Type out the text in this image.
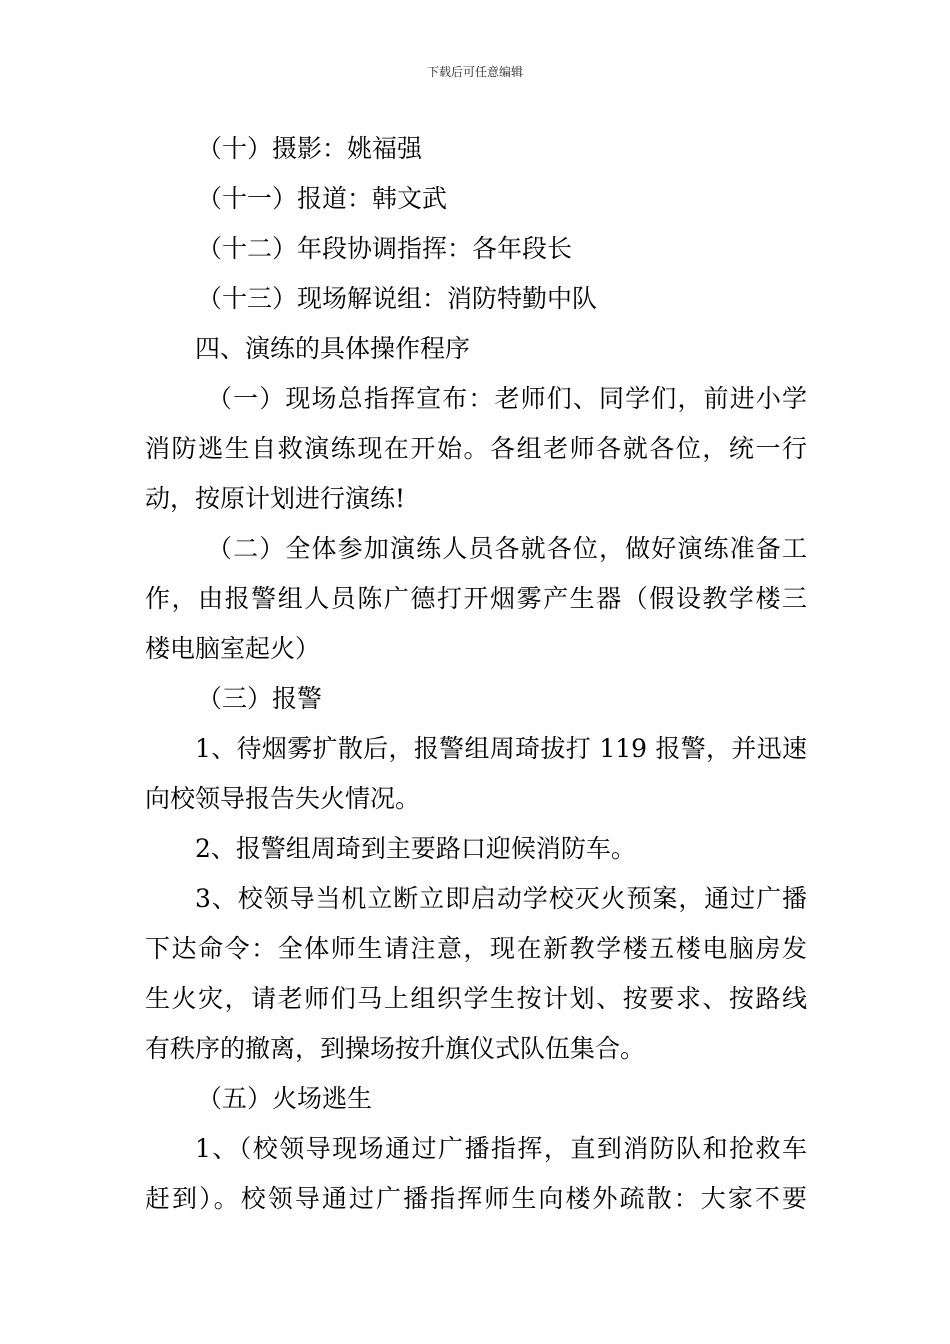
下载后可任意编辑
（十）摄影：姚福强
（十一）报道：韩文武
（十二）年段协调指挥：各年段长
（十三）现场解说组：消防特勤中队
四、演练的具体操作程序
（一）现场总指挥宣布：老师们、同学们，前进小学
消防逃生自救演练现在开始。各组老师各就各位，统一行
动，按原计划进行演练!
（二）全体参加演练人员各就各位，做好演练准备工
作，由报警组人员陈广德打开烟雾产生器（假设教学楼三
楼电脑室起火）
（三）报警
1、待烟雾扩散后，报警组周琦拔打 119 报警，并迅速
向校领导报告失火情况。
2、报警组周琦到主要路口迎候消防车。
3、校领导当机立断立即启动学校灭火预案，通过广播
下达命令：全体师生请注意，现在新教学楼五楼电脑房发
生火灾，请老师们马上组织学生按计划、按要求、按路线
有秩序的撤离，到操场按升旗仪式队伍集合。
（五）火场逃生
1、（校领导现场通过广播指挥，直到消防队和抢救车
赶到）。校领导通过广播指挥师生向楼外疏散：大家不要
